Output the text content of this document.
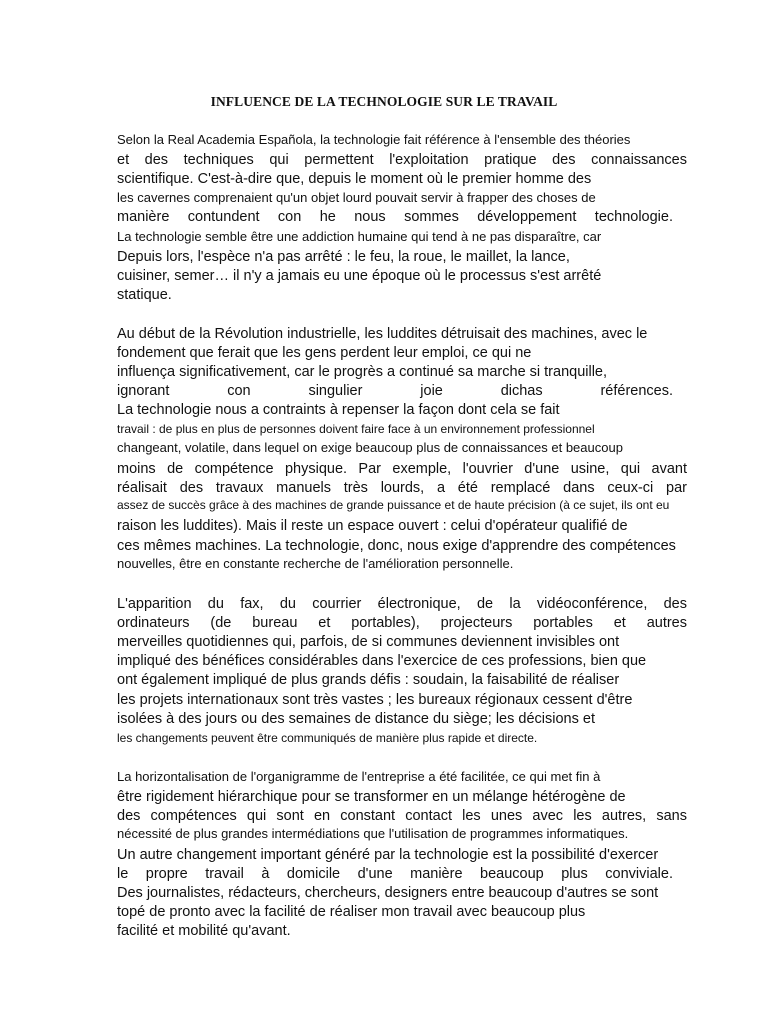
INFLUENCE DE LA TECHNOLOGIE SUR LE TRAVAIL

Selon la Real Academia Española, la technologie fait référence à l'ensemble des théories

et des techniques qui permettent l'exploitation pratique des connaissances

scientifique. C'est-à-dire que, depuis le moment où le premier homme des

les cavernes comprenaient qu'un objet lourd pouvait servir à frapper des choses de

manière contundent con he nous sommes développement technologie.

La technologie semble être une addiction humaine qui tend à ne pas disparaître, car

Depuis lors, l'espèce n'a pas arrêté : le feu, la roue, le maillet, la lance,

cuisiner, semer… il n'y a jamais eu une époque où le processus s'est arrêté

statique.

Au début de la Révolution industrielle, les luddites détruisait des machines, avec le

fondement que ferait que les gens perdent leur emploi, ce qui ne

influença significativement, car le progrès a continué sa marche si tranquille,

ignorant con singulier joie dichas références.

La technologie nous a contraints à repenser la façon dont cela se fait

travail : de plus en plus de personnes doivent faire face à un environnement professionnel

changeant, volatile, dans lequel on exige beaucoup plus de connaissances et beaucoup

moins de compétence physique. Par exemple, l'ouvrier d'une usine, qui avant

réalisait des travaux manuels très lourds, a été remplacé dans ceux-ci par

assez de succès grâce à des machines de grande puissance et de haute précision (à ce sujet, ils ont eu

raison les luddites). Mais il reste un espace ouvert : celui d'opérateur qualifié de

ces mêmes machines. La technologie, donc, nous exige d'apprendre des compétences

nouvelles, être en constante recherche de l'amélioration personnelle.

L'apparition du fax, du courrier électronique, de la vidéoconférence, des

ordinateurs (de bureau et portables), projecteurs portables et autres

merveilles quotidiennes qui, parfois, de si communes deviennent invisibles ont

impliqué des bénéfices considérables dans l'exercice de ces professions, bien que

ont également impliqué de plus grands défis : soudain, la faisabilité de réaliser

les projets internationaux sont très vastes ; les bureaux régionaux cessent d'être

isolées à des jours ou des semaines de distance du siège; les décisions et

les changements peuvent être communiqués de manière plus rapide et directe.

La horizontalisation de l'organigramme de l'entreprise a été facilitée, ce qui met fin à

être rigidement hiérarchique pour se transformer en un mélange hétérogène de

des compétences qui sont en constant contact les unes avec les autres, sans

nécessité de plus grandes intermédiations que l'utilisation de programmes informatiques.

Un autre changement important généré par la technologie est la possibilité d'exercer

le propre travail à domicile d'une manière beaucoup plus conviviale.

Des journalistes, rédacteurs, chercheurs, designers entre beaucoup d'autres se sont

topé de pronto avec la facilité de réaliser mon travail avec beaucoup plus

facilité et mobilité qu'avant.
